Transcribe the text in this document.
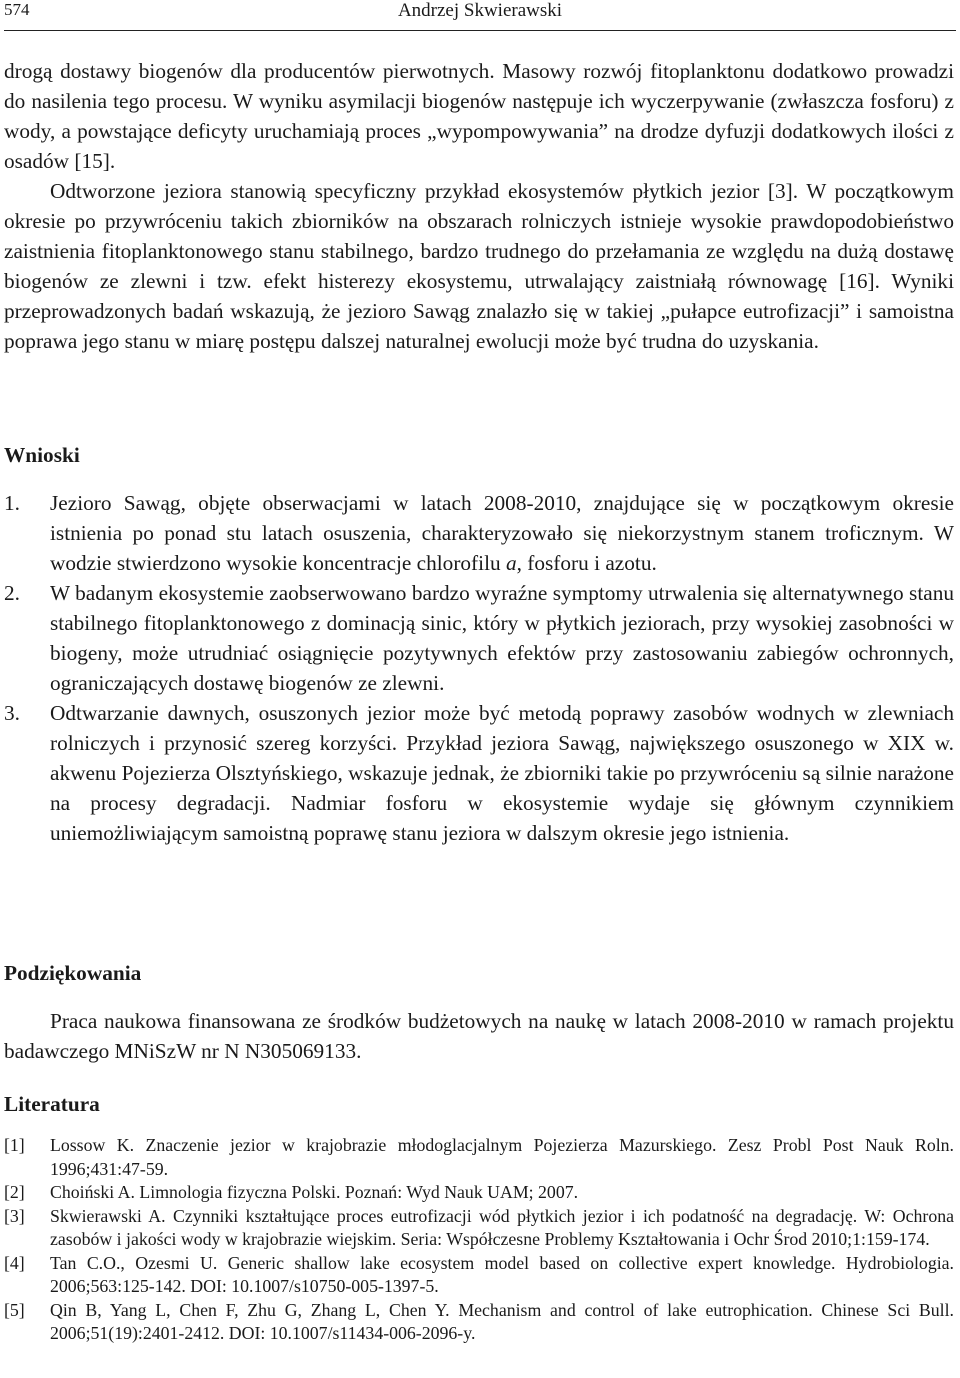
574	Andrzej Skwierawski
drogą dostawy biogenów dla producentów pierwotnych. Masowy rozwój fitoplanktonu dodatkowo prowadzi do nasilenia tego procesu. W wyniku asymilacji biogenów następuje ich wyczerpywanie (zwłaszcza fosforu) z wody, a powstające deficyty uruchamiają proces „wypompowywania” na drodze dyfuzji dodatkowych ilości z osadów [15].
Odtworzone jeziora stanowią specyficzny przykład ekosystemów płytkich jezior [3]. W początkowym okresie po przywróceniu takich zbiorników na obszarach rolniczych istnieje wysokie prawdopodobieństwo zaistnienia fitoplanktonowego stanu stabilnego, bardzo trudnego do przełamania ze względu na dużą dostawę biogenów ze zlewni i tzw. efekt histerezy ekosystemu, utrwalający zaistniałą równowagę [16]. Wyniki przeprowadzonych badań wskazują, że jezioro Sawąg znalazło się w takiej „pułapce eutrofizacji” i samoistna poprawa jego stanu w miarę postępu dalszej naturalnej ewolucji może być trudna do uzyskania.
Wnioski
1. Jezioro Sawąg, objęte obserwacjami w latach 2008-2010, znajdujące się w początkowym okresie istnienia po ponad stu latach osuszenia, charakteryzowało się niekorzystnym stanem troficznym. W wodzie stwierdzono wysokie koncentracje chlorofilu a, fosforu i azotu.
2. W badanym ekosystemie zaobserwowano bardzo wyraźne symptomy utrwalenia się alternatywnego stanu stabilnego fitoplanktonowego z dominacją sinic, który w płytkich jeziorach, przy wysokiej zasobności w biogeny, może utrudniać osiągnięcie pozytywnych efektów przy zastosowaniu zabiegów ochronnych, ograniczających dostawę biogenów ze zlewni.
3. Odtwarzanie dawnych, osuszonych jezior może być metodą poprawy zasobów wodnych w zlewniach rolniczych i przynosić szereg korzyści. Przykład jeziora Sawąg, największego osuszonego w XIX w. akwenu Pojezierza Olsztyńskiego, wskazuje jednak, że zbiorniki takie po przywróceniu są silnie narażone na procesy degradacji. Nadmiar fosforu w ekosystemie wydaje się głównym czynnikiem uniemożliwiającym samoistną poprawę stanu jeziora w dalszym okresie jego istnienia.
Podziękowania
Praca naukowa finansowana ze środków budżetowych na naukę w latach 2008-2010 w ramach projektu badawczego MNiSzW nr N N305069133.
Literatura
[1] Lossow K. Znaczenie jezior w krajobrazie młodoglacjalnym Pojezierza Mazurskiego. Zesz Probl Post Nauk Roln. 1996;431:47-59.
[2] Choiński A. Limnologia fizyczna Polski. Poznań: Wyd Nauk UAM; 2007.
[3] Skwierawski A. Czynniki kształtujące proces eutrofizacji wód płytkich jezior i ich podatność na degradację. W: Ochrona zasobów i jakości wody w krajobrazie wiejskim. Seria: Współczesne Problemy Kształtowania i Ochr Środ 2010;1:159-174.
[4] Tan C.O., Ozesmi U. Generic shallow lake ecosystem model based on collective expert knowledge. Hydrobiologia. 2006;563:125-142. DOI: 10.1007/s10750-005-1397-5.
[5] Qin B, Yang L, Chen F, Zhu G, Zhang L, Chen Y. Mechanism and control of lake eutrophication. Chinese Sci Bull. 2006;51(19):2401-2412. DOI: 10.1007/s11434-006-2096-y.
